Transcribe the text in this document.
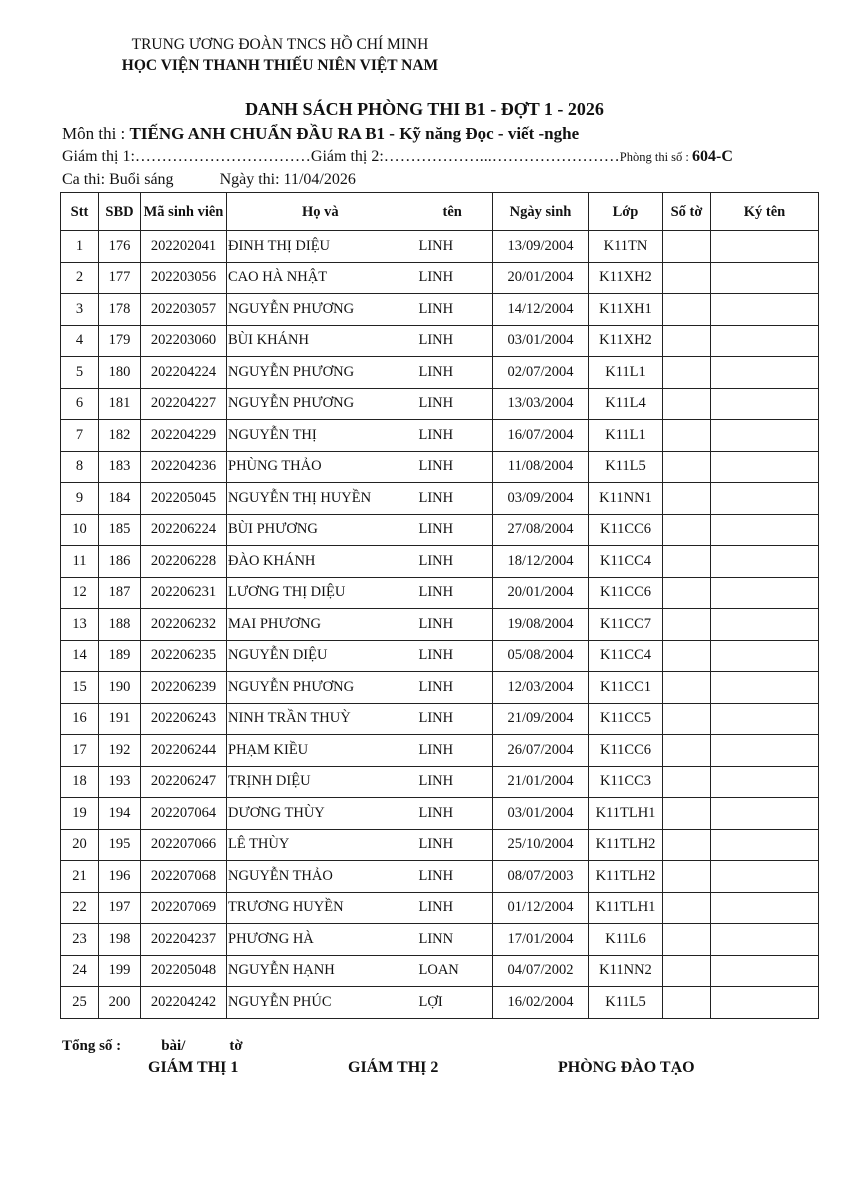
TRUNG ƯƠNG ĐOÀN TNCS HỒ CHÍ MINH
HỌC VIỆN THANH THIẾU NIÊN VIỆT NAM
DANH SÁCH PHÒNG THI B1 - ĐỢT 1 - 2026
Môn thi : TIẾNG ANH CHUẨN ĐẦU RA B1 - Kỹ năng Đọc - viết -nghe
Giám thị 1:……………………………Giám thị 2:………………...……………………Phòng thi số : 604-C
Ca thi: Buổi sáng	Ngày thi: 11/04/2026
Stt	SBD	Mã sinh viên	Họ và	tên	Ngày sinh	Lớp	Số tờ	Ký tên
1	176	202202041	ĐINH THỊ DIỆU	LINH	13/09/2004	K11TN		
2	177	202203056	CAO HÀ NHẬT	LINH	20/01/2004	K11XH2		
3	178	202203057	NGUYỄN PHƯƠNG	LINH	14/12/2004	K11XH1		
4	179	202203060	BÙI KHÁNH	LINH	03/01/2004	K11XH2		
5	180	202204224	NGUYỄN PHƯƠNG	LINH	02/07/2004	K11L1		
6	181	202204227	NGUYỄN PHƯƠNG	LINH	13/03/2004	K11L4		
7	182	202204229	NGUYỄN THỊ	LINH	16/07/2004	K11L1		
8	183	202204236	PHÙNG THẢO	LINH	11/08/2004	K11L5		
9	184	202205045	NGUYỄN THỊ HUYỀN	LINH	03/09/2004	K11NN1		
10	185	202206224	BÙI PHƯƠNG	LINH	27/08/2004	K11CC6		
11	186	202206228	ĐÀO KHÁNH	LINH	18/12/2004	K11CC4		
12	187	202206231	LƯƠNG THỊ DIỆU	LINH	20/01/2004	K11CC6		
13	188	202206232	MAI PHƯƠNG	LINH	19/08/2004	K11CC7		
14	189	202206235	NGUYỄN DIỆU	LINH	05/08/2004	K11CC4		
15	190	202206239	NGUYỄN PHƯƠNG	LINH	12/03/2004	K11CC1		
16	191	202206243	NINH TRẦN THUỲ	LINH	21/09/2004	K11CC5		
17	192	202206244	PHẠM KIỀU	LINH	26/07/2004	K11CC6		
18	193	202206247	TRỊNH DIỆU	LINH	21/01/2004	K11CC3		
19	194	202207064	DƯƠNG THÙY	LINH	03/01/2004	K11TLH1		
20	195	202207066	LÊ THÙY	LINH	25/10/2004	K11TLH2		
21	196	202207068	NGUYỄN THẢO	LINH	08/07/2003	K11TLH2		
22	197	202207069	TRƯƠNG HUYỀN	LINH	01/12/2004	K11TLH1		
23	198	202204237	PHƯƠNG HÀ	LINN	17/01/2004	K11L6		
24	199	202205048	NGUYỄN HẠNH	LOAN	04/07/2002	K11NN2		
25	200	202204242	NGUYỄN PHÚC	LỢI	16/02/2004	K11L5		
Tổng số :	bài/	tờ
GIÁM THỊ 1	GIÁM THỊ 2	PHÒNG ĐÀO TẠO
